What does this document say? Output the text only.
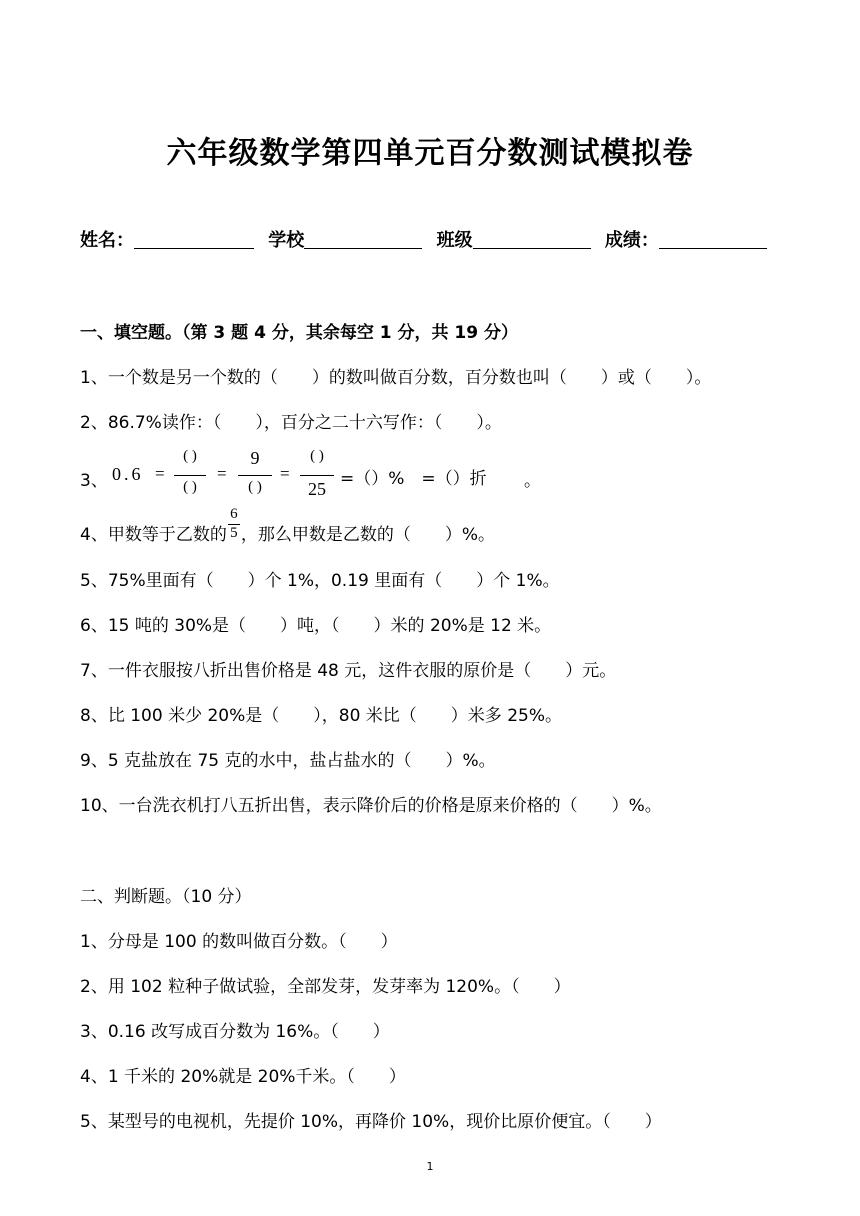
六年级数学第四单元百分数测试模拟卷
姓名：	学校	班级	成绩：
一、填空题。（第 3 题 4 分，其余每空 1 分，共 19 分）
1、一个数是另一个数的（　　）的数叫做百分数，百分数也叫（　　）或（　　）。
2、86.7%读作：（　　），百分之二十六写作：（　　）。
3、 0.6 =
( )
( )
=
9
( )
=
( )
25 =（）%　=（）折 。
4、甲数等于乙数的 $\frac{6}{5}$ ，那么甲数是乙数的（　　）%。
5、75%里面有（　　）个 1%，0.19 里面有（　　）个 1%。
6、15 吨的 30%是（　　）吨，（　　）米的 20%是 12 米。
7、一件衣服按八折出售价格是 48 元，这件衣服的原价是（　　）元。
8、比 100 米少 20%是（　　），80 米比（　　）米多 25%。
9、5 克盐放在 75 克的水中，盐占盐水的（　　）%。
10、一台洗衣机打八五折出售，表示降价后的价格是原来价格的（　　）%。
二、判断题。（10 分）
1、分母是 100 的数叫做百分数。（　　）
2、用 102 粒种子做试验，全部发芽，发芽率为 120%。（　　）
3、0.16 改写成百分数为 16%。（　　）
4、1 千米的 20%就是 20%千米。（　　）
5、某型号的电视机，先提价 10%，再降价 10%，现价比原价便宜。（　　）
1
